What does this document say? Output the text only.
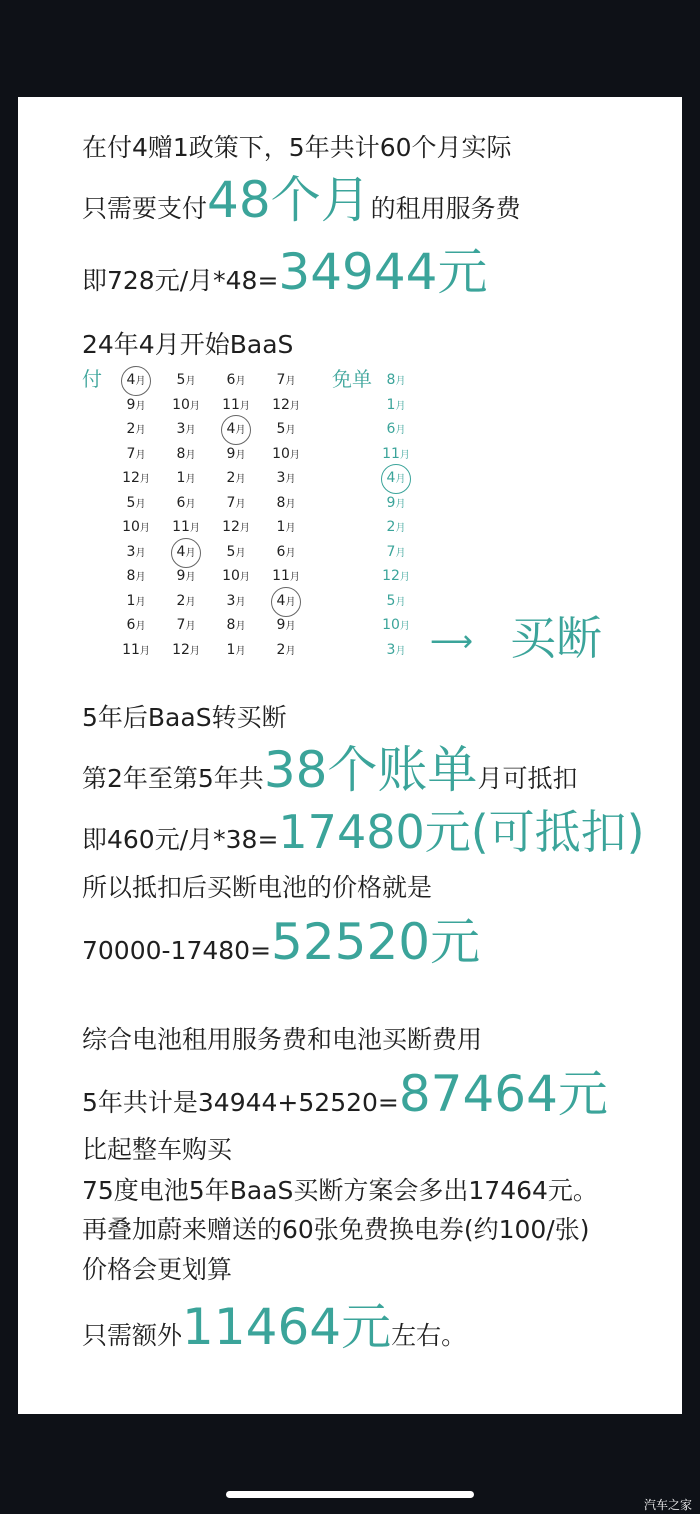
在付4赠1政策下，5年共计60个月实际
只需要支付48个月的租用服务费
即728元/月*48=34944元
24年4月开始BaaS
付	免单
4月 5月 6月 7月
9月 10月 11月 12月
2月 3月 4月 5月
7月 8月 9月 10月
12月 1月 2月 3月
5月 6月 7月 8月
10月 11月 12月 1月
3月 4月 5月 6月
8月 9月 10月 11月
1月 2月 3月 4月
6月 7月 8月 9月
11月 12月 1月 2月
8月
1月
6月
11月
4月
9月
2月
7月
12月
5月
10月
3月 ⟶ 买断
5年后BaaS转买断
第2年至第5年共38个账单月可抵扣
即460元/月*38=17480元(可抵扣)
所以抵扣后买断电池的价格就是
70000-17480=52520元
综合电池租用服务费和电池买断费用
5年共计是34944+52520=87464元
比起整车购买
75度电池5年BaaS买断方案会多出17464元。
再叠加蔚来赠送的60张免费换电券(约100/张)
价格会更划算
只需额外11464元左右。
汽车之家
